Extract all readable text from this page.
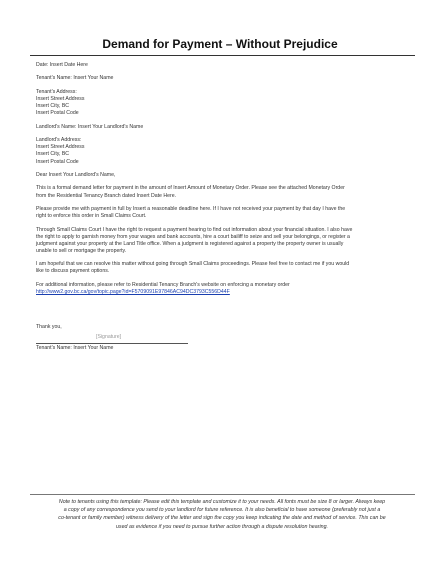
Demand for Payment – Without Prejudice
Date: Insert Date Here
Tenant's Name: Insert Your Name
Tenant's Address:
Insert Street Address
Insert City, BC
Insert Postal Code
Landlord's Name: Insert Your Landlord's Name
Landlord's Address:
Insert Street Address
Insert City, BC
Insert Postal Code
Dear Insert Your Landlord's Name,
This is a formal demand letter for payment in the amount of Insert Amount of Monetary Order. Please see the attached Monetary Order
from the Residential Tenancy Branch dated Insert Date Here.
Please provide me with payment in full by Insert a reasonable deadline here. If I have not received your payment by that day I have the
right to enforce this order in Small Claims Court.
Through Small Claims Court I have the right to request a payment hearing to find out information about your financial situation. I also have
the right to apply to garnish money from your wages and bank accounts, hire a court bailiff to seize and sell your belongings, or register a
judgment against your property at the Land Title office. When a judgment is registered against a property the property owner is usually
unable to sell or mortgage the property.
I am hopeful that we can resolve this matter without going through Small Claims proceedings. Please feel free to contact me if you would
like to discuss payment options.
For additional information, please refer to Residential Tenancy Branch's website on enforcing a monetary order
http://www2.gov.bc.ca/gov/topic.page?id=F5709091E97846AC94DC3793C556D44F
Thank you,
[Signature]
Tenant's Name: Insert Your Name
Note to tenants using this template: Please edit this template and customize it to your needs. All fonts must be size 8 or larger. Always keep
a copy of any correspondence you send to your landlord for future reference. It is also beneficial to have someone (preferably not just a
co-tenant or family member) witness delivery of the letter and sign the copy you keep indicating the date and method of service. This can be
used as evidence if you need to pursue further action through a dispute resolution hearing.
